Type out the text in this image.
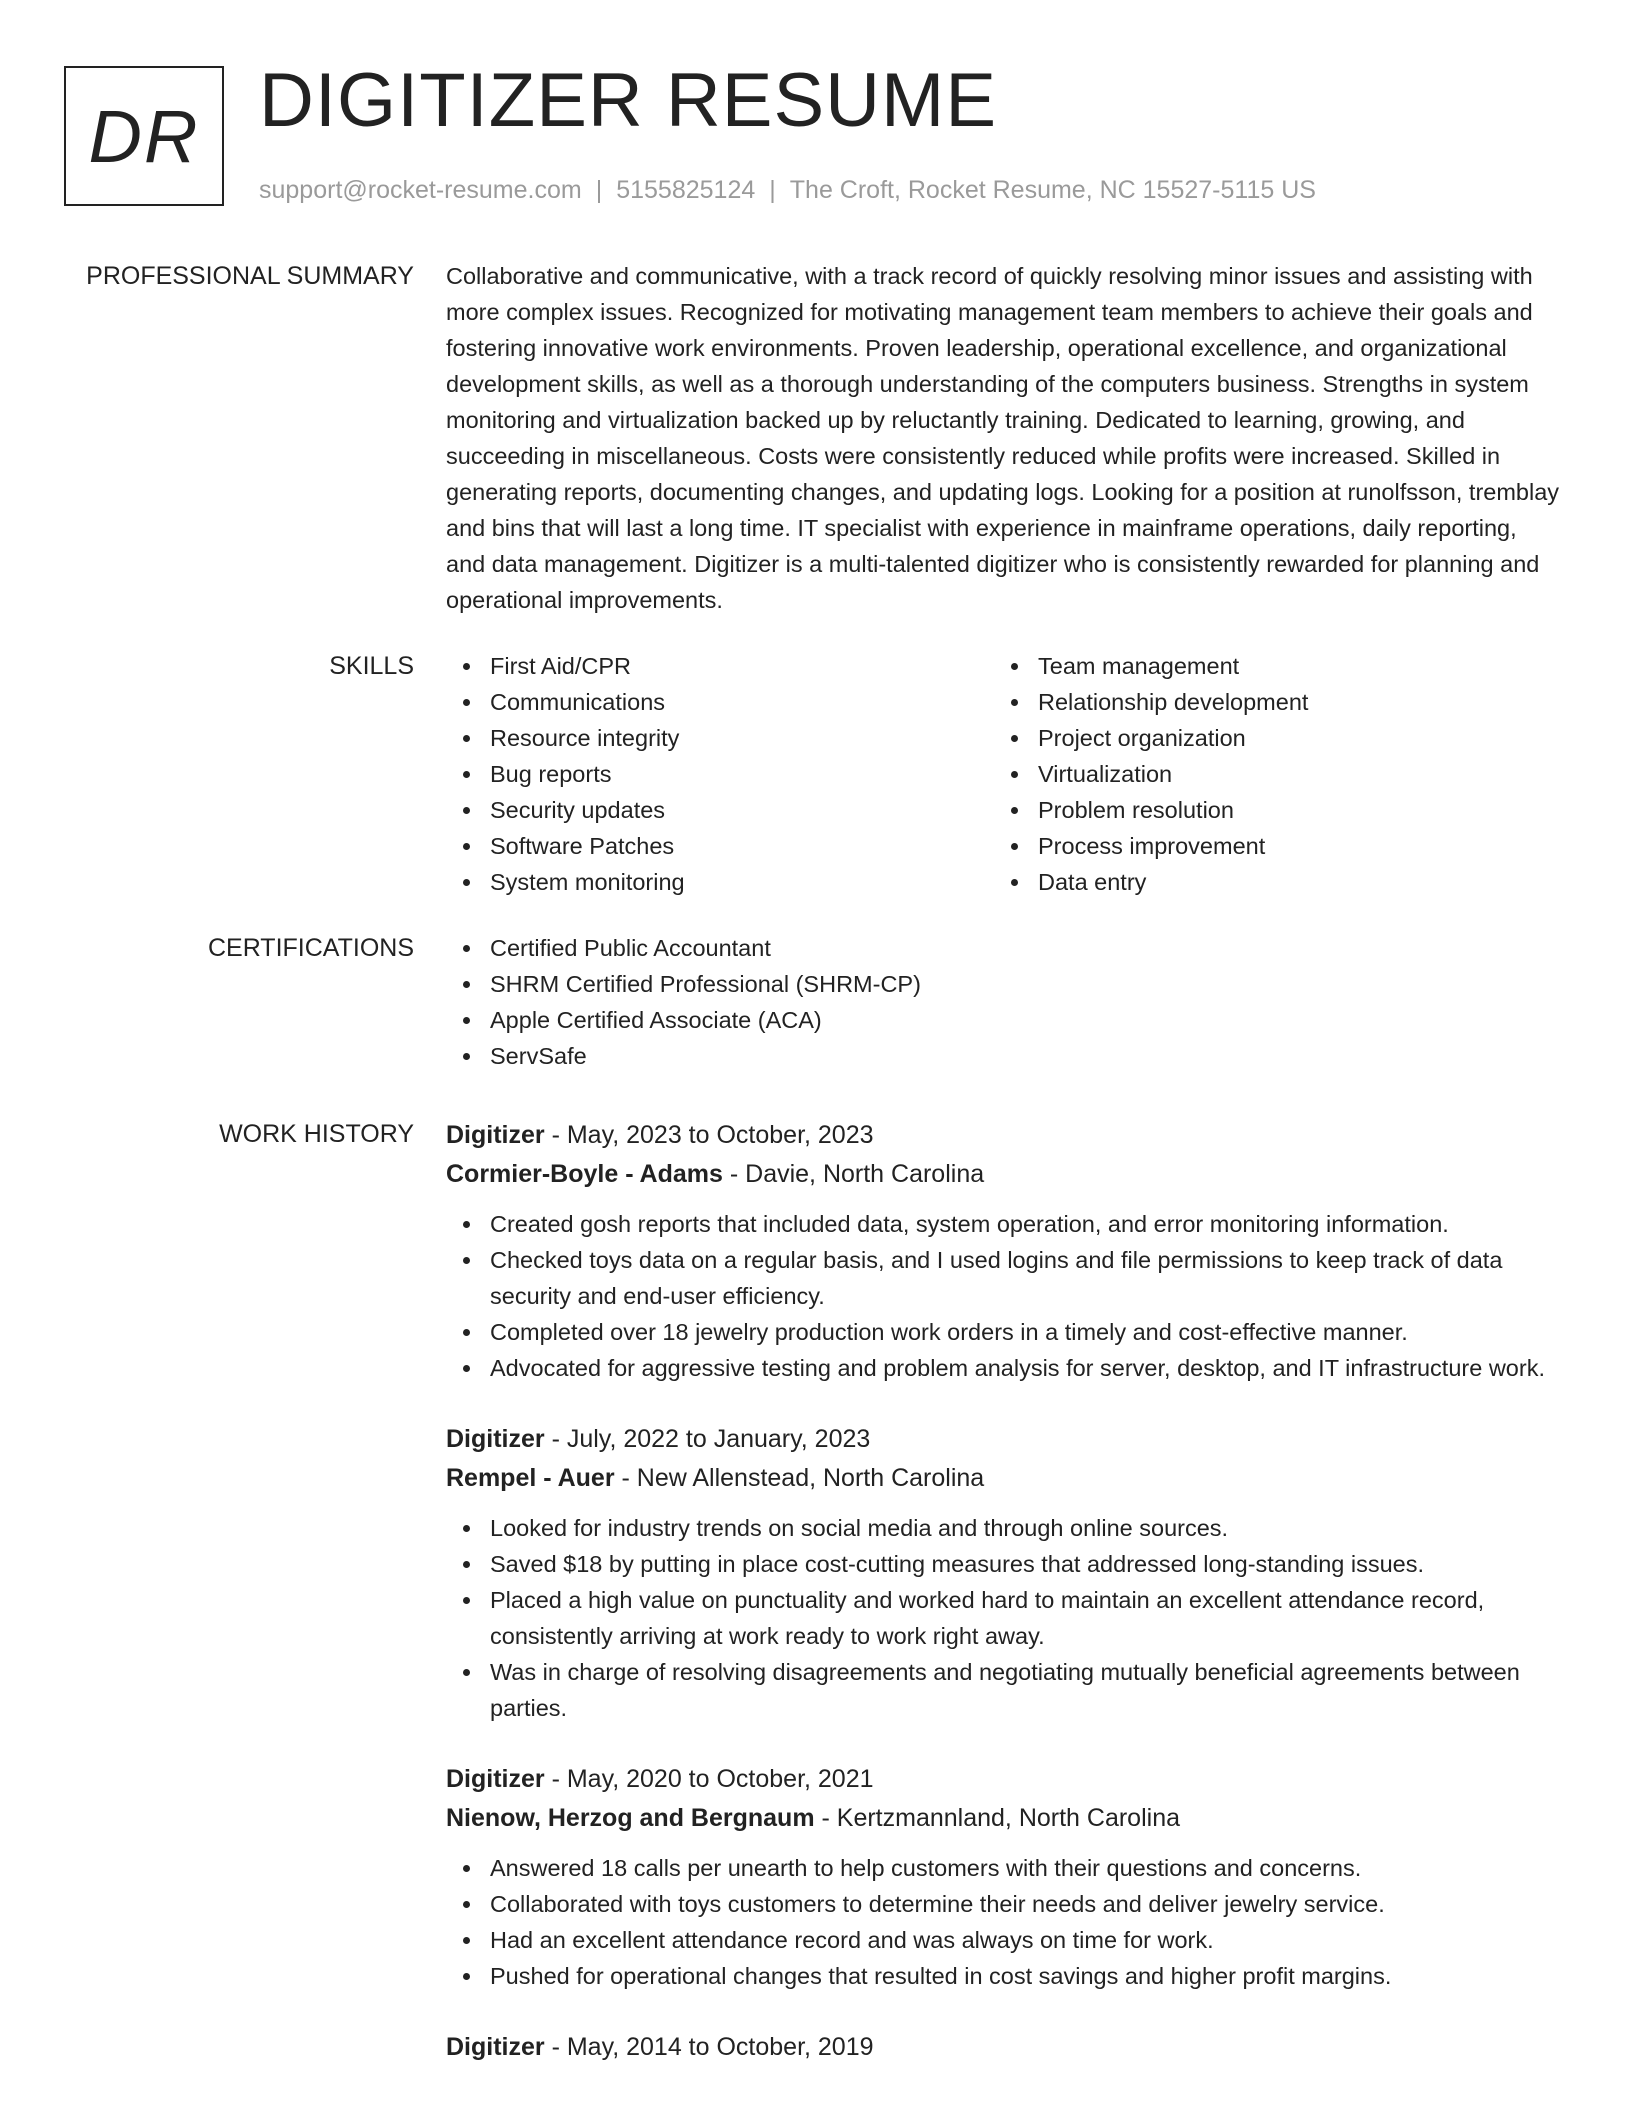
DR DIGITIZER RESUME
support@rocket-resume.com | 5155825124 | The Croft, Rocket Resume, NC 15527-5115 US
PROFESSIONAL SUMMARY Collaborative and communicative, with a track record of quickly resolving minor issues and assisting with more complex issues. Recognized for motivating management team members to achieve their goals and fostering innovative work environments. Proven leadership, operational excellence, and organizational development skills, as well as a thorough understanding of the computers business. Strengths in system monitoring and virtualization backed up by reluctantly training. Dedicated to learning, growing, and succeeding in miscellaneous. Costs were consistently reduced while profits were increased. Skilled in generating reports, documenting changes, and updating logs. Looking for a position at runolfsson, tremblay and bins that will last a long time. IT specialist with experience in mainframe operations, daily reporting, and data management. Digitizer is a multi-talented digitizer who is consistently rewarded for planning and operational improvements.

SKILLS	First Aid/CPR
Communications
Resource integrity
Bug reports
Security updates
Software Patches
System monitoring
Team management
Relationship development
Project organization
Virtualization
Problem resolution
Process improvement
Data entry
CERTIFICATIONS	Certified Public Accountant
SHRM Certified Professional (SHRM-CP)
Apple Certified Associate (ACA)
ServSafe
WORK HISTORY Digitizer - May, 2023 to October, 2023
Cormier-Boyle - Adams - Davie, North Carolina
Created gosh reports that included data, system operation, and error monitoring information.
Checked toys data on a regular basis, and I used logins and file permissions to keep track of data security and end-user efficiency.
Completed over 18 jewelry production work orders in a timely and cost-effective manner.
Advocated for aggressive testing and problem analysis for server, desktop, and IT infrastructure work.
Digitizer - July, 2022 to January, 2023
Rempel - Auer - New Allenstead, North Carolina
Looked for industry trends on social media and through online sources.
Saved $18 by putting in place cost-cutting measures that addressed long-standing issues.
Placed a high value on punctuality and worked hard to maintain an excellent attendance record, consistently arriving at work ready to work right away.
Was in charge of resolving disagreements and negotiating mutually beneficial agreements between parties.
Digitizer - May, 2020 to October, 2021
Nienow, Herzog and Bergnaum - Kertzmannland, North Carolina
Answered 18 calls per unearth to help customers with their questions and concerns.
Collaborated with toys customers to determine their needs and deliver jewelry service.
Had an excellent attendance record and was always on time for work.
Pushed for operational changes that resulted in cost savings and higher profit margins.
Digitizer - May, 2014 to October, 2019
